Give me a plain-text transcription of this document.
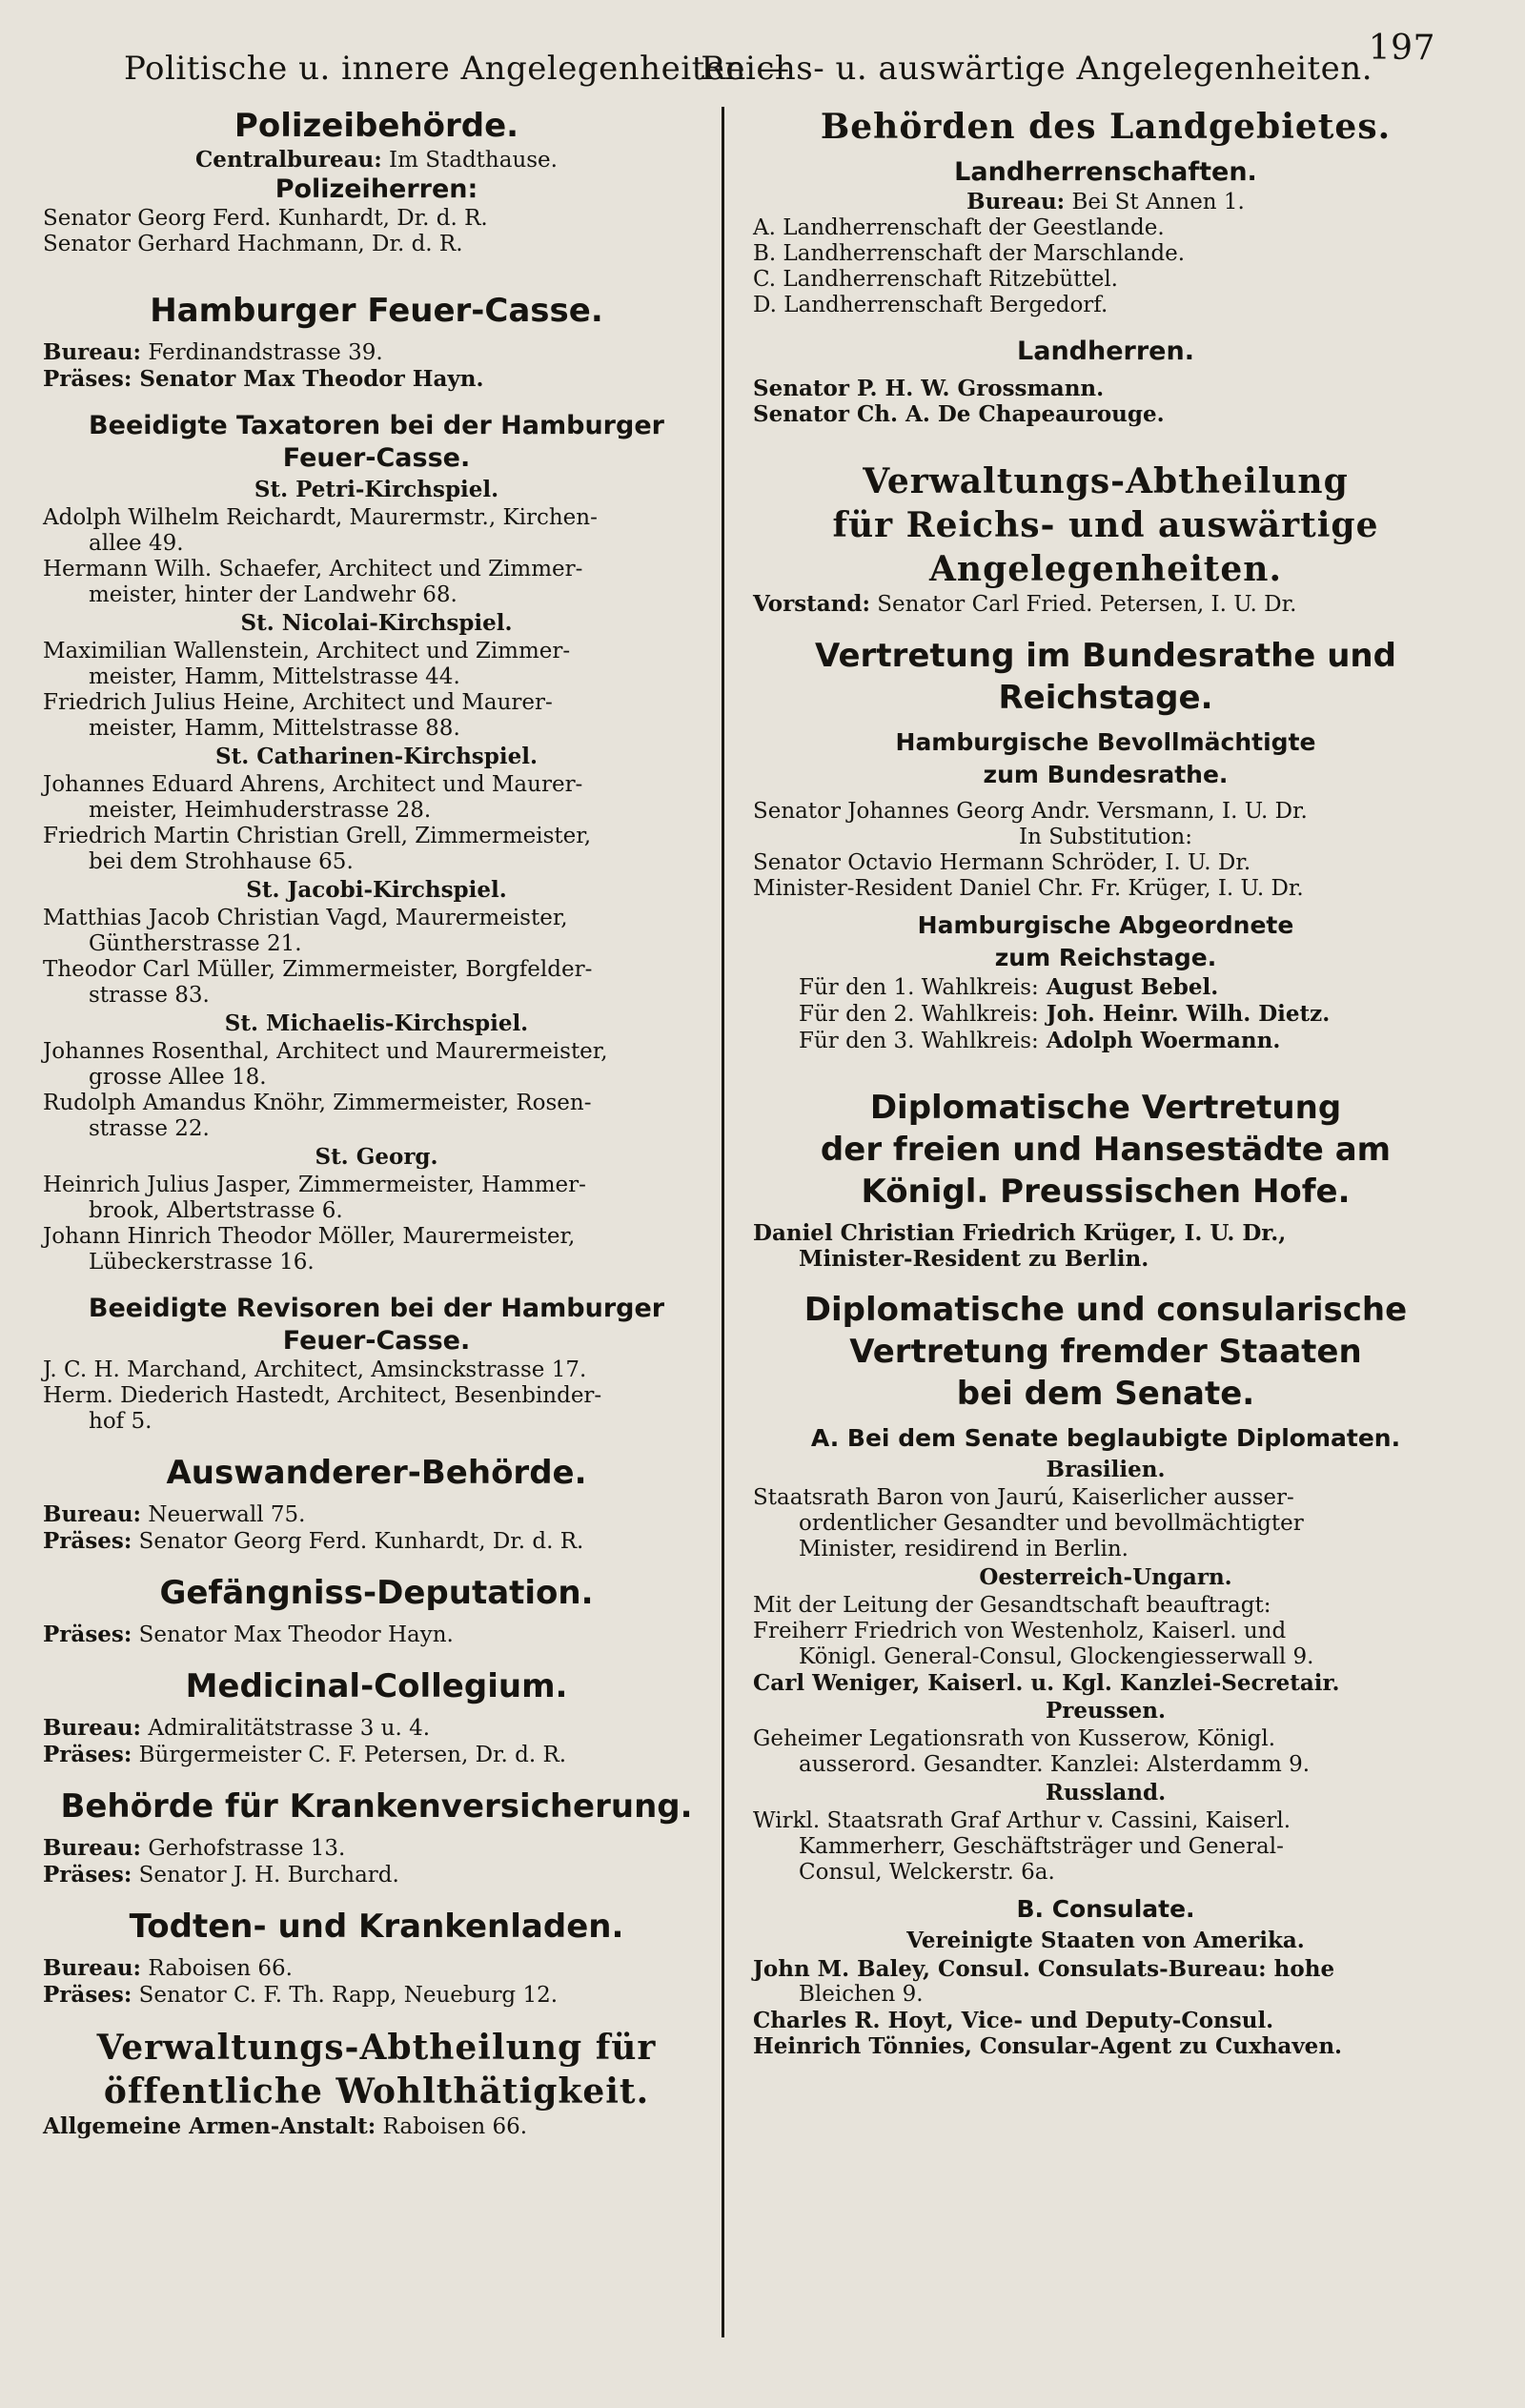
Politische u. innere Angelegenheiten —
Reichs- u. auswärtige Angelegenheiten.
197
Polizeibehörde.
Centralbureau: Im Stadthause.
Polizeiherren:
Senator Georg Ferd. Kunhardt, Dr. d. R.
Senator Gerhard Hachmann, Dr. d. R.
Hamburger Feuer-Casse.
Bureau: Ferdinandstrasse 39.
Präses: Senator Max Theodor Hayn.
Beeidigte Taxatoren bei der Hamburger
Feuer-Casse.
St. Petri-Kirchspiel.
Adolph Wilhelm Reichardt, Maurermstr., Kirchen-
allee 49.
Hermann Wilh. Schaefer, Architect und Zimmer-
meister, hinter der Landwehr 68.
St. Nicolai-Kirchspiel.
Maximilian Wallenstein, Architect und Zimmer-
meister, Hamm, Mittelstrasse 44.
Friedrich Julius Heine, Architect und Maurer-
meister, Hamm, Mittelstrasse 88.
St. Catharinen-Kirchspiel.
Johannes Eduard Ahrens, Architect und Maurer-
meister, Heimhuderstrasse 28.
Friedrich Martin Christian Grell, Zimmermeister,
bei dem Strohhause 65.
St. Jacobi-Kirchspiel.
Matthias Jacob Christian Vagd, Maurermeister,
Güntherstrasse 21.
Theodor Carl Müller, Zimmermeister, Borgfelder-
strasse 83.
St. Michaelis-Kirchspiel.
Johannes Rosenthal, Architect und Maurermeister,
grosse Allee 18.
Rudolph Amandus Knöhr, Zimmermeister, Rosen-
strasse 22.
St. Georg.
Heinrich Julius Jasper, Zimmermeister, Hammer-
brook, Albertstrasse 6.
Johann Hinrich Theodor Möller, Maurermeister,
Lübeckerstrasse 16.
Beeidigte Revisoren bei der Hamburger
Feuer-Casse.
J. C. H. Marchand, Architect, Amsinckstrasse 17.
Herm. Diederich Hastedt, Architect, Besenbinder-
hof 5.
Auswanderer-Behörde.
Bureau: Neuerwall 75.
Präses: Senator Georg Ferd. Kunhardt, Dr. d. R.
Gefängniss-Deputation.
Präses: Senator Max Theodor Hayn.
Medicinal-Collegium.
Bureau: Admiralitätstrasse 3 u. 4.
Präses: Bürgermeister C. F. Petersen, Dr. d. R.
Behörde für Krankenversicherung.
Bureau: Gerhofstrasse 13.
Präses: Senator J. H. Burchard.
Todten- und Krankenladen.
Bureau: Raboisen 66.
Präses: Senator C. F. Th. Rapp, Neueburg 12.
Verwaltungs-Abtheilung für
öffentliche Wohlthätigkeit.
Allgemeine Armen-Anstalt: Raboisen 66.
Behörden des Landgebietes.
Landherrenschaften.
Bureau: Bei St Annen 1.
A. Landherrenschaft der Geestlande.
B. Landherrenschaft der Marschlande.
C. Landherrenschaft Ritzebüttel.
D. Landherrenschaft Bergedorf.
Landherren.
Senator P. H. W. Grossmann.
Senator Ch. A. De Chapeaurouge.
Verwaltungs-Abtheilung
für Reichs- und auswärtige
Angelegenheiten.
Vorstand: Senator Carl Fried. Petersen, I. U. Dr.
Vertretung im Bundesrathe und
Reichstage.
Hamburgische Bevollmächtigte
zum Bundesrathe.
Senator Johannes Georg Andr. Versmann, I. U. Dr.
In Substitution:
Senator Octavio Hermann Schröder, I. U. Dr.
Minister-Resident Daniel Chr. Fr. Krüger, I. U. Dr.
Hamburgische Abgeordnete
zum Reichstage.
Für den 1. Wahlkreis: August Bebel.
Für den 2. Wahlkreis: Joh. Heinr. Wilh. Dietz.
Für den 3. Wahlkreis: Adolph Woermann.
Diplomatische Vertretung
der freien und Hansestädte am
Königl. Preussischen Hofe.
Daniel Christian Friedrich Krüger, I. U. Dr.,
Minister-Resident zu Berlin.
Diplomatische und consularische
Vertretung fremder Staaten
bei dem Senate.
A. Bei dem Senate beglaubigte Diplomaten.
Brasilien.
Staatsrath Baron von Jaurú, Kaiserlicher ausser-
ordentlicher Gesandter und bevollmächtigter
Minister, residirend in Berlin.
Oesterreich-Ungarn.
Mit der Leitung der Gesandtschaft beauftragt:
Freiherr Friedrich von Westenholz, Kaiserl. und
Königl. General-Consul, Glockengiesserwall 9.
Carl Weniger, Kaiserl. u. Kgl. Kanzlei-Secretair.
Preussen.
Geheimer Legationsrath von Kusserow, Königl.
ausserord. Gesandter. Kanzlei: Alsterdamm 9.
Russland.
Wirkl. Staatsrath Graf Arthur v. Cassini, Kaiserl.
Kammerherr, Geschäftsträger und General-
Consul, Welckerstr. 6a.
B. Consulate.
Vereinigte Staaten von Amerika.
John M. Baley, Consul. Consulats-Bureau: hohe
Bleichen 9.
Charles R. Hoyt, Vice- und Deputy-Consul.
Heinrich Tönnies, Consular-Agent zu Cuxhaven.
